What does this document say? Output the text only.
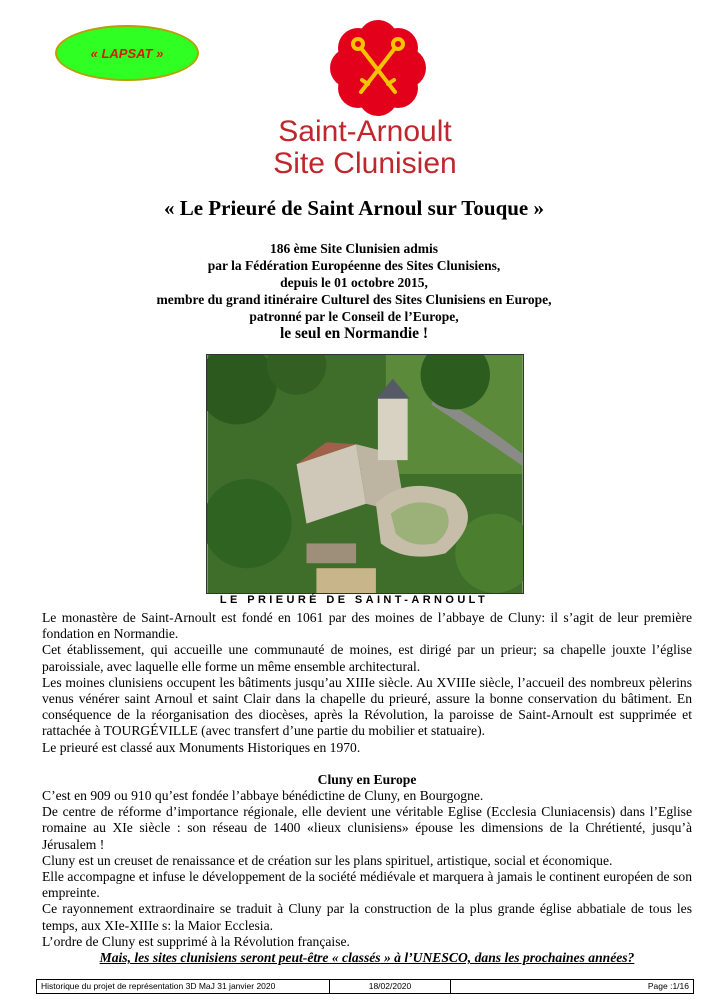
« LAPSAT »
Saint-Arnoult
Site Clunisien
« Le Prieuré de Saint Arnoul sur Touque »
186 ème Site Clunisien admis
par la Fédération Européenne des Sites Clunisiens,
depuis le 01 octobre 2015,
membre du grand itinéraire Culturel des Sites Clunisiens en Europe,
patronné par le Conseil de l’Europe,
le seul en Normandie !
LE PRIEURÉ DE SAINT-ARNOULT

Le monastère de Saint-Arnoult est fondé en 1061 par des moines de l’abbaye de Cluny: il s’agit de leur première fondation en Normandie.

Cet établissement, qui accueille une communauté de moines, est dirigé par un prieur; sa chapelle jouxte l’église paroissiale, avec laquelle elle forme un même ensemble architectural.

Les moines clunisiens occupent les bâtiments jusqu’au XIIIe siècle. Au XVIIIe siècle, l’accueil des nombreux pèlerins venus vénérer saint Arnoul et saint Clair dans la chapelle du prieuré, assure la bonne conservation du bâtiment. En conséquence de la réorganisation des diocèses, après la Révolution, la paroisse de Saint-Arnoult est supprimée et rattachée à TOURGÉVILLE (avec transfert d’une partie du mobilier et statuaire).

Le prieuré est classé aux Monuments Historiques en 1970.

Cluny en Europe

C’est en 909 ou 910 qu’est fondée l’abbaye bénédictine de Cluny, en Bourgogne.

De centre de réforme d’importance régionale, elle devient une véritable Eglise (Ecclesia Cluniacensis) dans l’Eglise romaine au XIe siècle : son réseau de 1400 «lieux clunisiens» épouse les dimensions de la Chrétienté, jusqu’à Jérusalem !

Cluny est un creuset de renaissance et de création sur les plans spirituel, artistique, social et économique.

Elle accompagne et infuse le développement de la société médiévale et marquera à jamais le continent européen de son empreinte.

Ce rayonnement extraordinaire se traduit à Cluny par la construction de la plus grande église abbatiale de tous les temps, aux XIe-XIIIe s: la Maior Ecclesia.

L’ordre de Cluny est supprimé à la Révolution française.

Mais, les sites clunisiens seront peut-être « classés » à l’UNESCO, dans les prochaines années?

Historique du projet de représentation 3D MaJ 31 janvier 2020	18/02/2020	Page :1/16
